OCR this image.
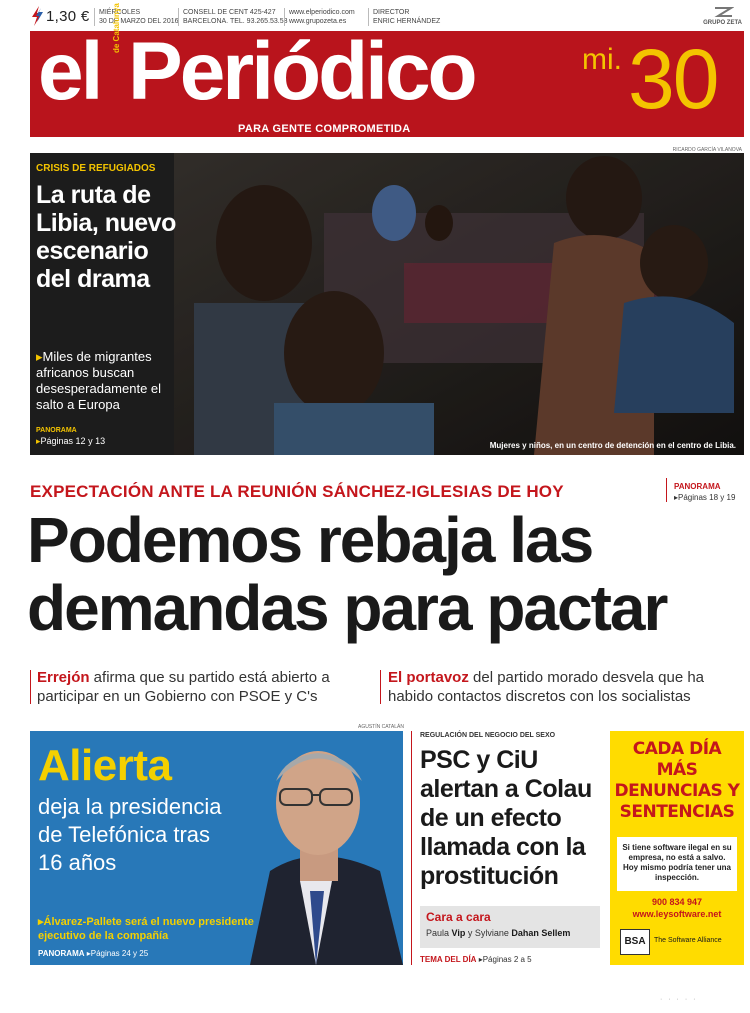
1,30 € MIÉRCOLES
30 DE MARZO DEL 2016
CONSELL DE CENT 425-427
BARCELONA. TEL. 93.265.53.53
www.elperiodico.com
www.grupozeta.es
DIRECTOR
ENRIC HERNÁNDEZ	GRUPO ZETA
el de Catalunya Periódico
PARA GENTE COMPROMETIDA
mi. 30
RICARDO GARCÍA VILANOVA
CRISIS DE REFUGIADOS
La ruta de Libia, nuevo escenario del drama
▸Miles de migrantes africanos buscan desesperadamente el salto a Europa
PANORAMA
▸Páginas 12 y 13	Mujeres y niños, en un centro de detención en el centro de Libia.
EXPECTACIÓN ANTE LA REUNIÓN SÁNCHEZ-IGLESIAS DE HOY	PANORAMA
▸Páginas 18 y 19
Podemos rebaja las demandas para pactar
Errejón afirma que su partido está abierto a participar en un Gobierno con PSOE y C's
El portavoz del partido morado desvela que ha habido contactos discretos con los socialistas
AGUSTÍN CATALÁN
Alierta
deja la presidencia de Telefónica tras 16 años
▸Álvarez-Pallete será el nuevo presidente ejecutivo de la compañía
PANORAMA ▸Páginas 24 y 25
REGULACIÓN DEL NEGOCIO DEL SEXO
PSC y CiU alertan a Colau de un efecto llamada con la prostitución
Cara a cara
Paula Vip y Sylviane Dahan Sellem
TEMA DEL DÍA ▸Páginas 2 a 5
CADA DÍA MÁS DENUNCIAS Y SENTENCIAS
Si tiene software ilegal en su empresa, no está a salvo. Hoy mismo podría tener una inspección.
900 834 947
www.leysoftware.net
BSA	The Software Alliance
· · · · ·
